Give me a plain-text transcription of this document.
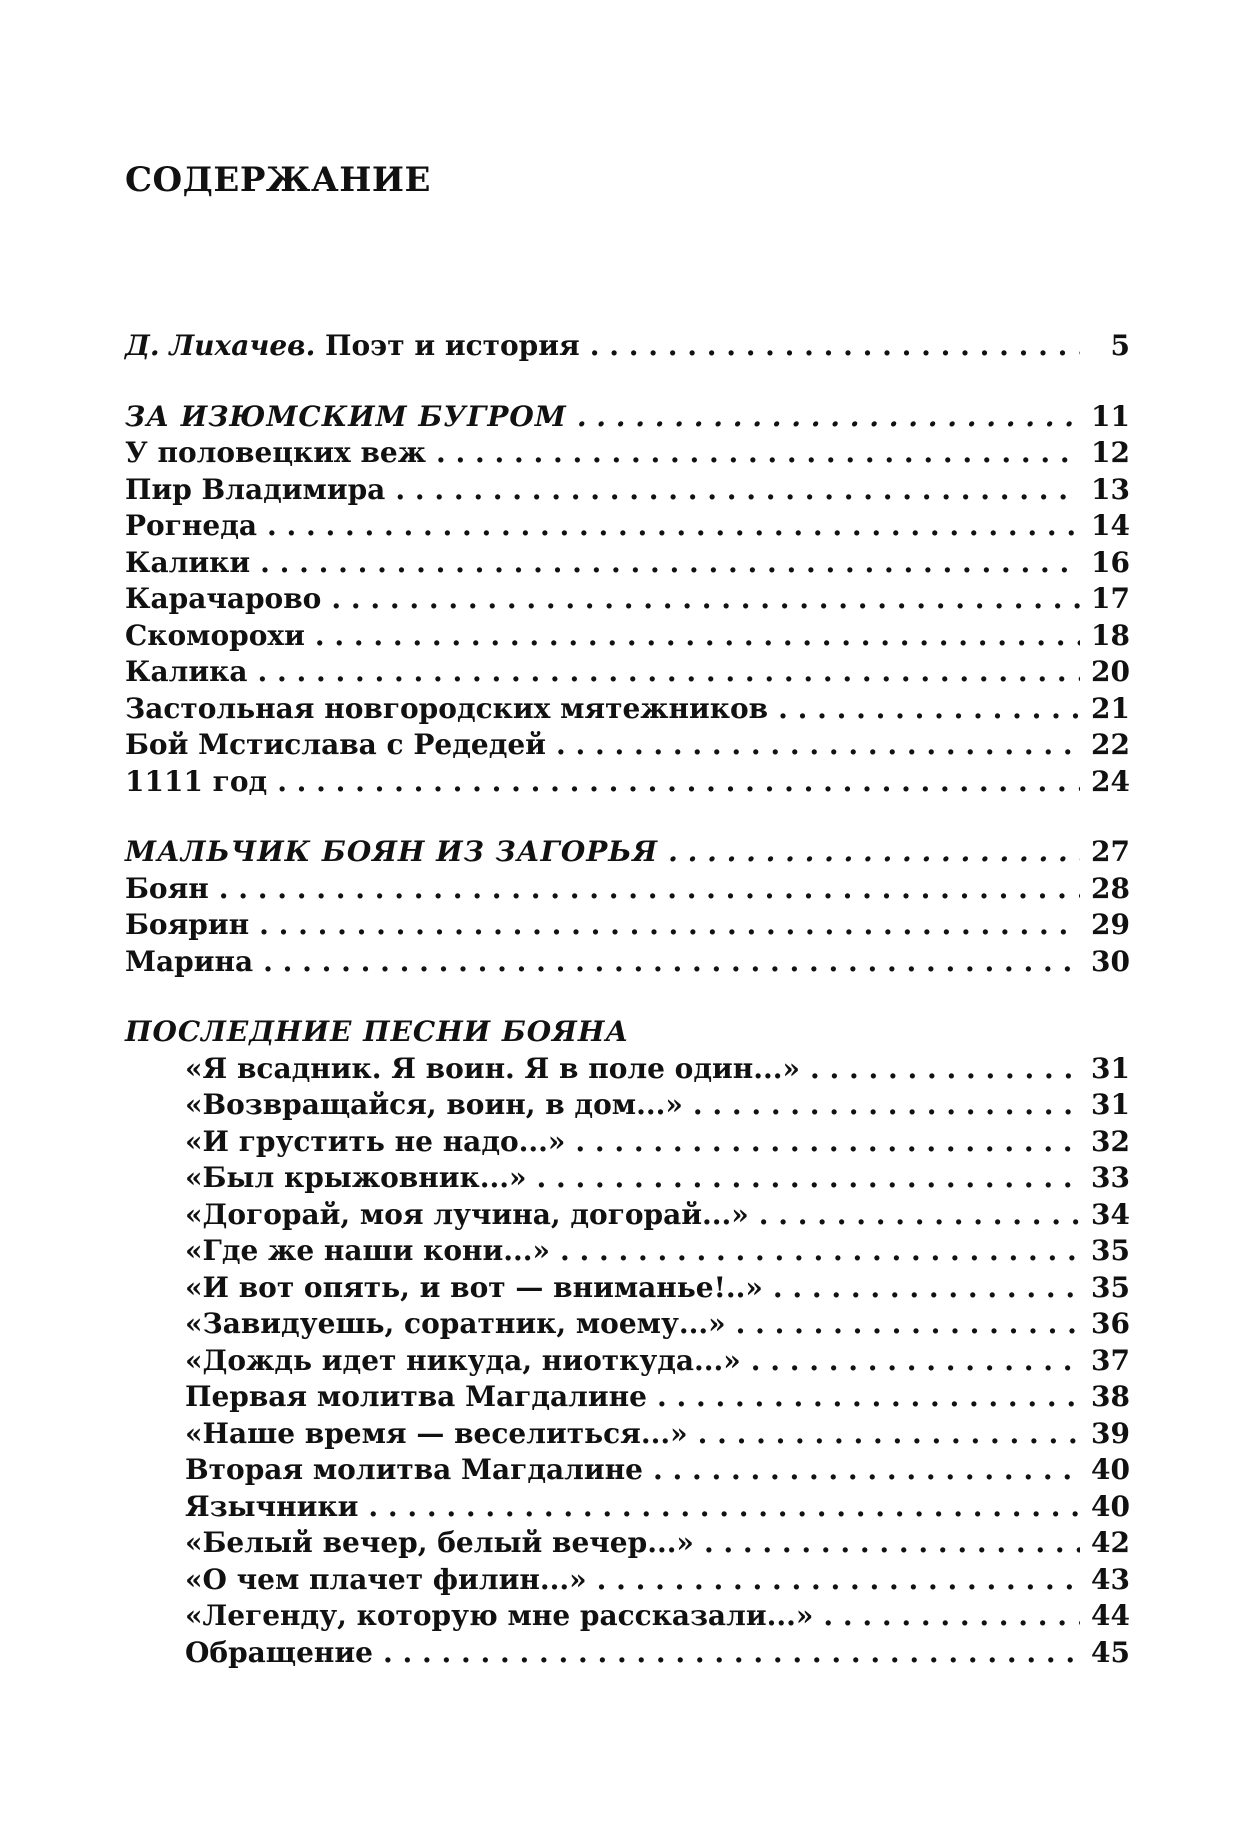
СОДЕРЖАНИЕ
Д. Лихачев. Поэт и история . . .	5
ЗА ИЗЮМСКИМ БУГРОМ . . .	11
У половецких веж . . .	12
Пир Владимира . . .	13
Рогнеда . . .	14
Калики . . .	16
Карачарово . . .	17
Скоморохи . . .	18
Калика . . .	20
Застольная новгородских мятежников . . .	21
Бой Мстислава с Редедей . . .	22
1111 год . . .	24
МАЛЬЧИК БОЯН ИЗ ЗАГОРЬЯ . . .	27
Боян . . .	28
Боярин . . .	29
Марина . . .	30
ПОСЛЕДНИЕ ПЕСНИ БОЯНА
«Я всадник. Я воин. Я в поле один...» . . .	31
«Возвращайся, воин, в дом...» . . .	31
«И грустить не надо...» . . .	32
«Был крыжовник...» . . .	33
«Догорай, моя лучина, догорай...» . . .	34
«Где же наши кони...» . . .	35
«И вот опять, и вот — вниманье!..» . . .	35
«Завидуешь, соратник, моему...» . . .	36
«Дождь идет никуда, ниоткуда...» . . .	37
Первая молитва Магдалине . . .	38
«Наше время — веселиться...» . . .	39
Вторая молитва Магдалине . . .	40
Язычники . . .	40
«Белый вечер, белый вечер...» . . .	42
«О чем плачет филин...» . . .	43
«Легенду, которую мне рассказали...» . . .	44
Обращение . . .	45
